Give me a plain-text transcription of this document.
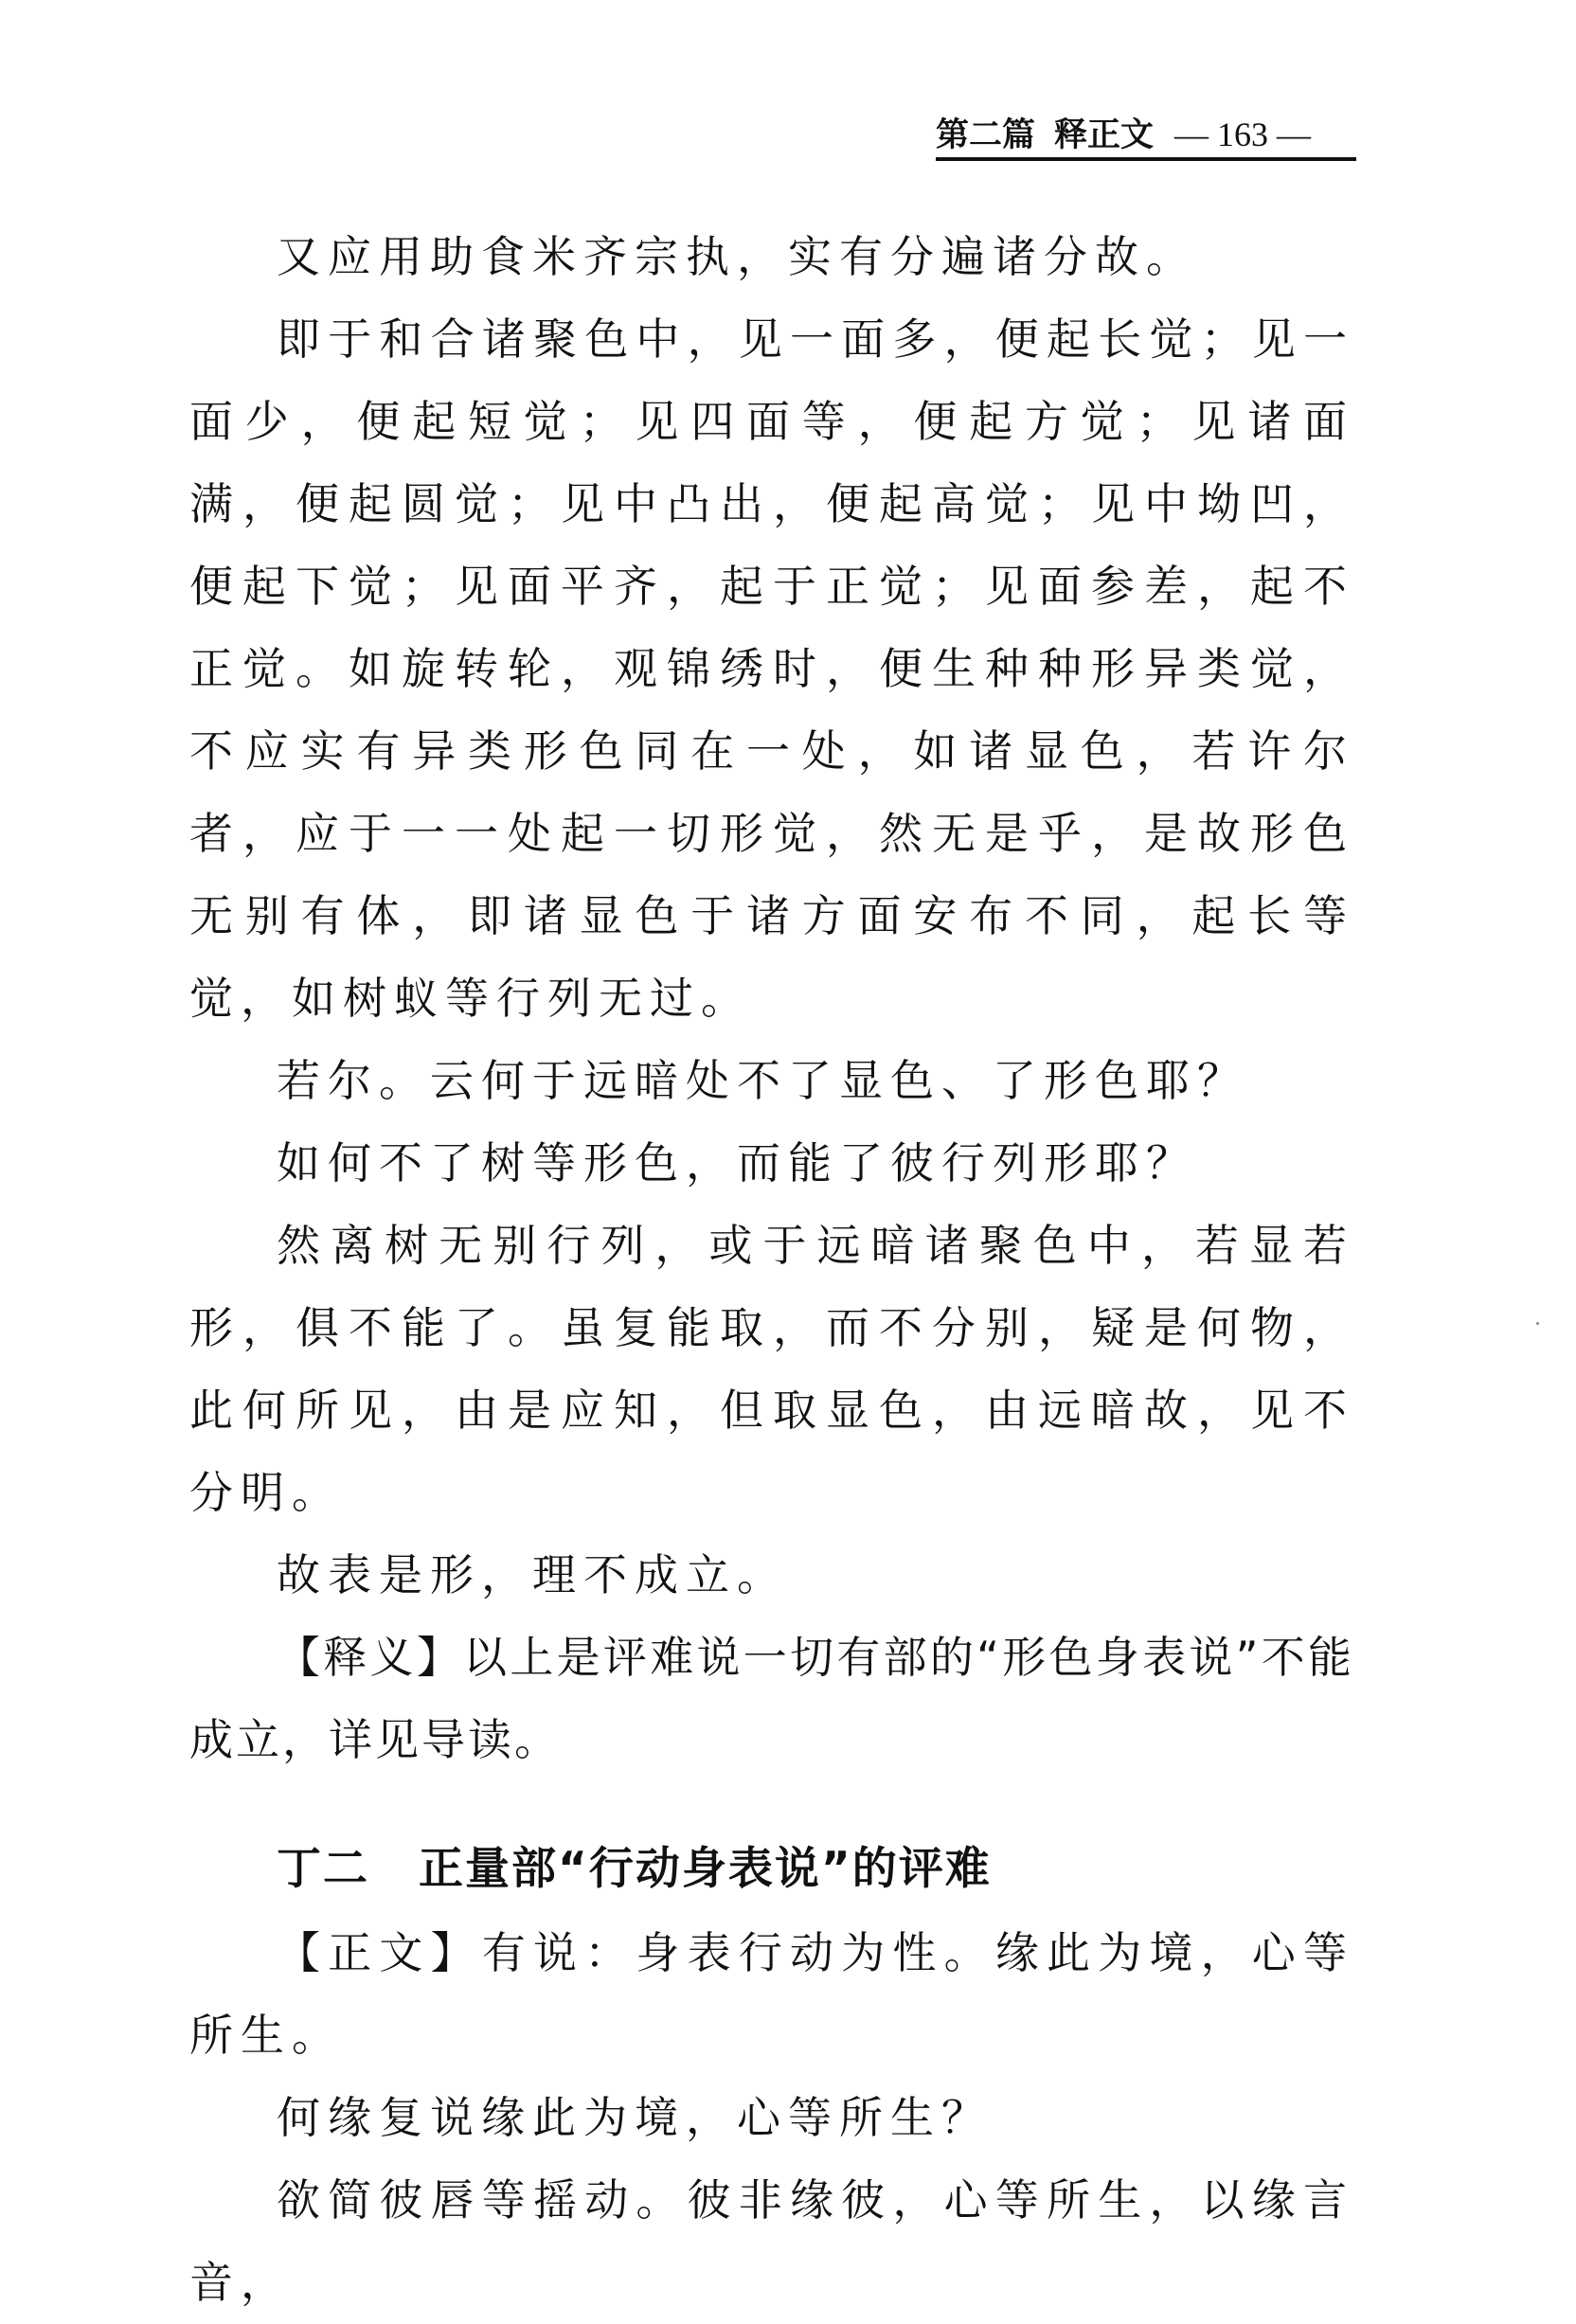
第二篇 释正文 — 163 —

又应用助食米齐宗执，实有分遍诸分故。

即于和合诸聚色中，见一面多，便起长觉；见一面少，便起短觉；见四面等，便起方觉；见诸面满，便起圆觉；见中凸出，便起高觉；见中坳凹，便起下觉；见面平齐，起于正觉；见面参差，起不正觉。如旋转轮，观锦绣时，便生种种形异类觉，不应实有异类形色同在一处，如诸显色，若许尔者，应于一一处起一切形觉，然无是乎，是故形色无别有体，即诸显色于诸方面安布不同，起长等觉，如树蚁等行列无过。

若尔。云何于远暗处不了显色、了形色耶？

如何不了树等形色，而能了彼行列形耶？

然离树无别行列，或于远暗诸聚色中，若显若形，俱不能了。虽复能取，而不分别，疑是何物，此何所见，由是应知，但取显色，由远暗故，见不分明。

故表是形，理不成立。

【释义】以上是评难说一切有部的“形色身表说”不能成立，详见导读。

丁二 正量部“行动身表说”的评难

【正文】有说：身表行动为性。缘此为境，心等所生。

何缘复说缘此为境，心等所生？

欲简彼唇等摇动。彼非缘彼，心等所生，以缘言音，
